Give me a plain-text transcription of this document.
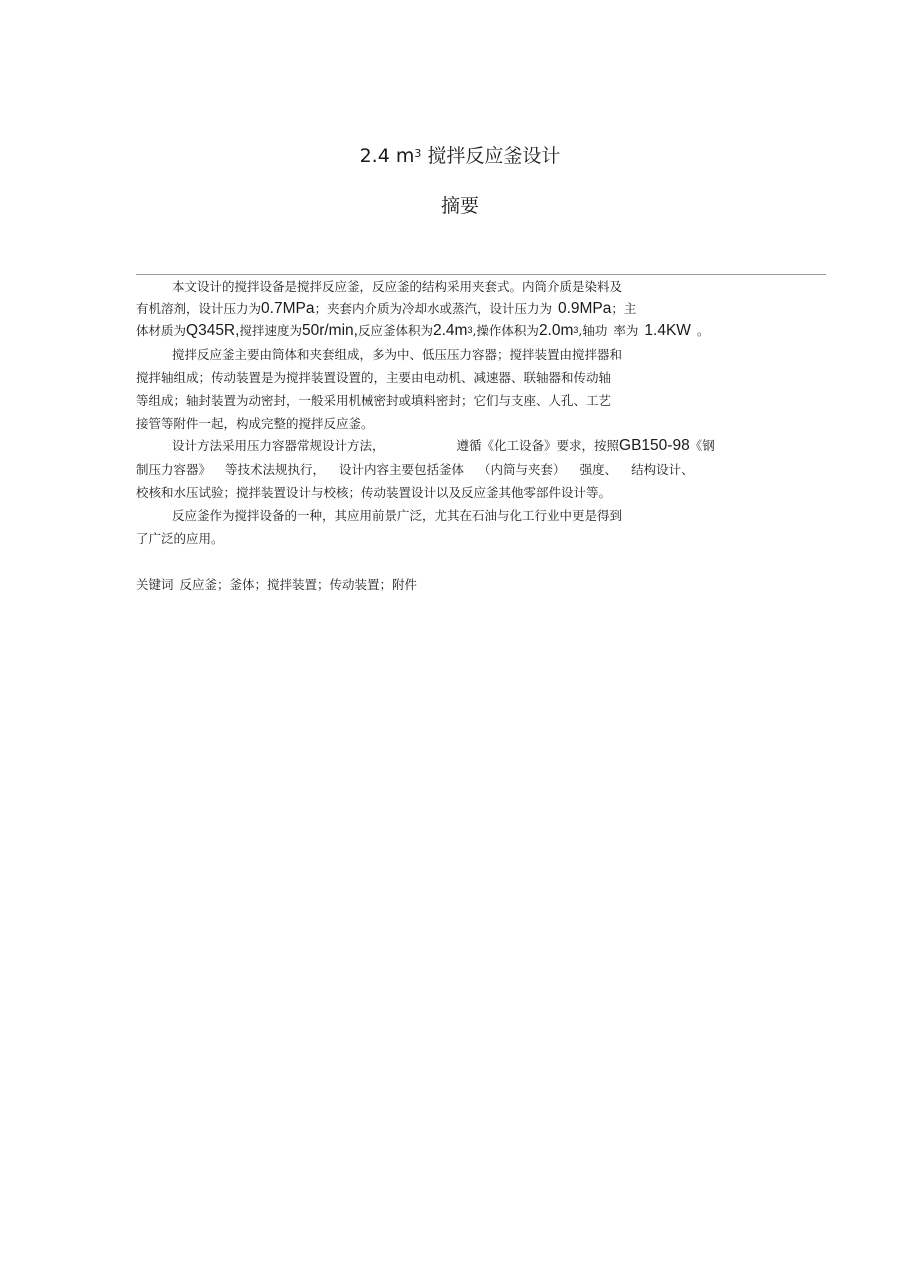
2.4 $m^3$ 搅拌反应釜设计
摘要
本文设计的搅拌设备是搅拌反应釜，反应釜的结构采用夹套式。内筒介质是染料及
有机溶剂，设计压力为0.7MPa；夹套内介质为冷却水或蒸汽，设计压力为 0.9MPa；主
体材质为Q345R,搅拌速度为50r/min,反应釜体积为$2.4m^3$,操作体积为$2.0m^3$,轴功 率为 1.4KW 。
搅拌反应釜主要由筒体和夹套组成，多为中、低压压力容器；搅拌装置由搅拌器和
搅拌轴组成；传动装置是为搅拌装置设置的，主要由电动机、减速器、联轴器和传动轴
等组成；轴封装置为动密封，一般采用机械密封或填料密封；它们与支座、人孔、工艺
接管等附件一起，构成完整的搅拌反应釜。
设计方法采用压力容器常规设计方法，	遵循《化工设备》要求，按照GB150-98《钢
制压力容器》 等技术法规执行， 设计内容主要包括釜体 （内筒与夹套） 强度、 结构设计、
校核和水压试验；搅拌装置设计与校核；传动装置设计以及反应釜其他零部件设计等。
反应釜作为搅拌设备的一种，其应用前景广泛，尤其在石油与化工行业中更是得到
了广泛的应用。
关键词 反应釜；釜体；搅拌装置；传动装置；附件
